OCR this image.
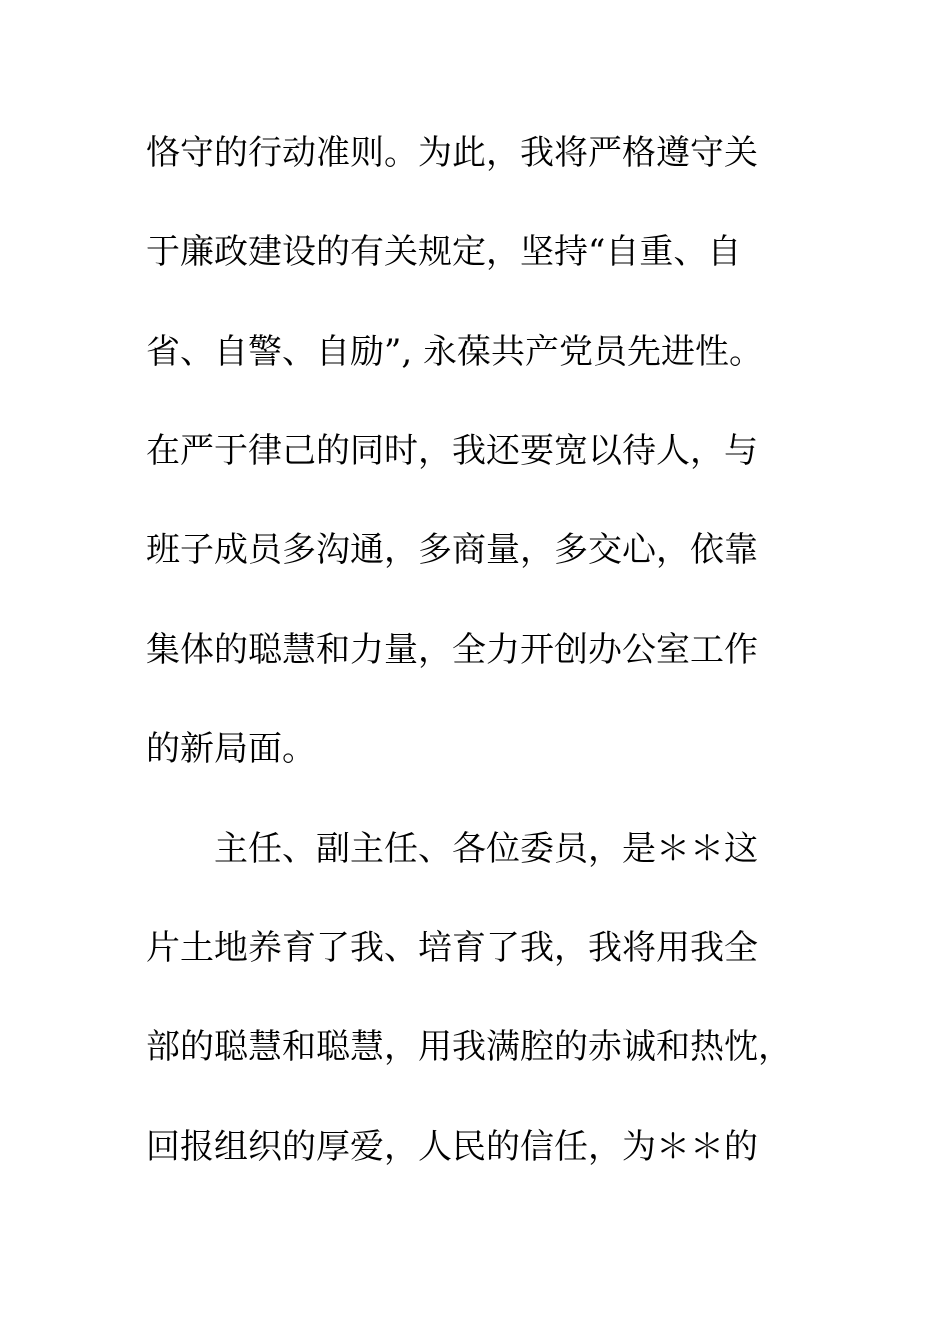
恪守的行动准则。为此，我将严格遵守关

于廉政建设的有关规定，坚持“自重、自

省、自警、自励”, 永葆共产党员先进性。

在严于律己的同时，我还要宽以待人，与

班子成员多沟通，多商量，多交心，依靠

集体的聪慧和力量，全力开创办公室工作

的新局面。

主任、副主任、各位委员，是＊＊这

片土地养育了我、培育了我，我将用我全

部的聪慧和聪慧，用我满腔的赤诚和热忱，

回报组织的厚爱，人民的信任，为＊＊的
